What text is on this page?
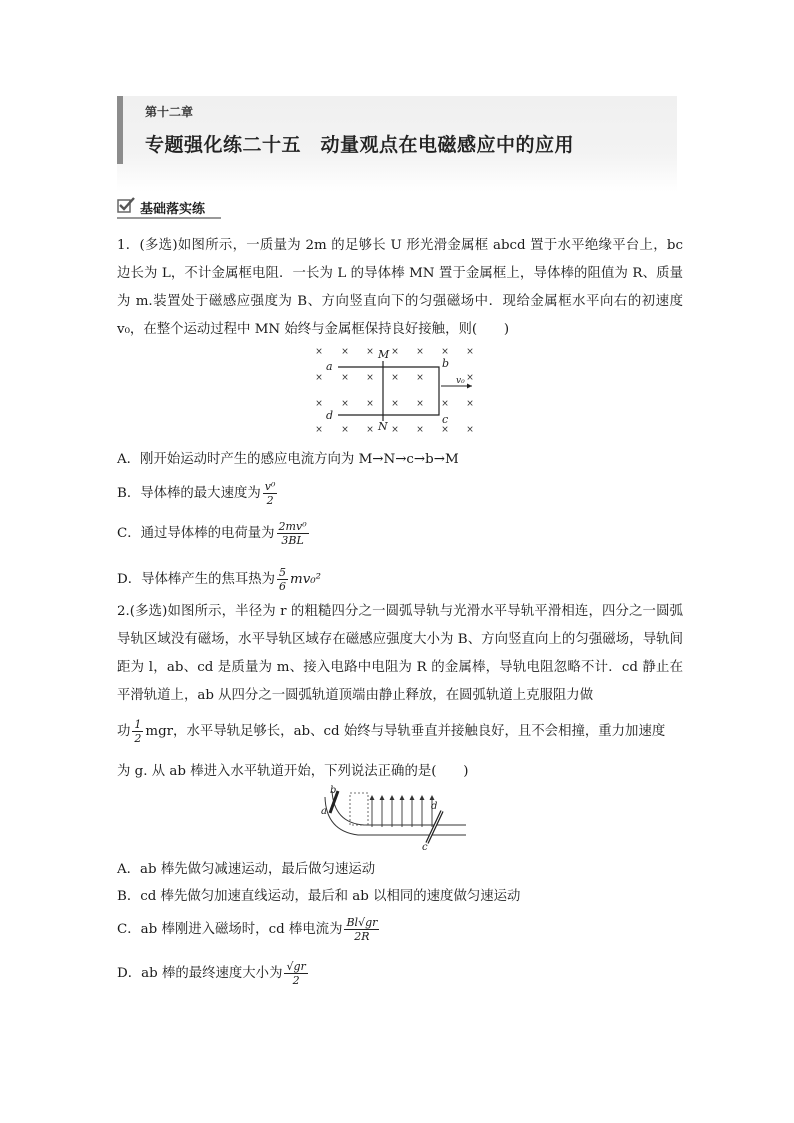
第十二章
专题强化练二十五　动量观点在电磁感应中的应用
基础落实练
1．(多选)如图所示，一质量为 2m 的足够长 U 形光滑金属框 abcd 置于水平绝缘平台上，bc 边长为 L，不计金属框电阻．一长为 L 的导体棒 MN 置于金属框上，导体棒的阻值为 R、质量为 m.装置处于磁感应强度为 B、方向竖直向下的匀强磁场中．现给金属框水平向右的初速度 v₀，在整个运动过程中 MN 始终与金属框保持良好接触，则(　　)
× × × × × × ×
× × × × ×	×
× × × × × × ×
× × × × × × ×
a
M
b
v₀
d	c
N
A．刚开始运动时产生的感应电流方向为 M→N→c→b→M
B．导体棒的最大速度为 $\frac{\text{v⁰}}{2}$
C．通过导体棒的电荷量为 $\frac{\text{2mv⁰}}{3BL}$
D．导体棒产生的焦耳热为 $\frac{5}{6} mv_0^2$
2.(多选)如图所示，半径为 r 的粗糙四分之一圆弧导轨与光滑水平导轨平滑相连，四分之一圆弧导轨区域没有磁场，水平导轨区域存在磁感应强度大小为 B、方向竖直向上的匀强磁场，导轨间距为 l，ab、cd 是质量为 m、接入电路中电阻为 R 的金属棒，导轨电阻忽略不计．cd 静止在平滑轨道上，ab 从四分之一圆弧轨道顶端由静止释放，在圆弧轨道上克服阻力做
功 $\frac{1}{2}$ mgr，水平导轨足够长，ab、cd 始终与导轨垂直并接触良好，且不会相撞，重力加速度
为 g. 从 ab 棒进入水平轨道开始，下列说法正确的是(　　)
b
a	d
c
A．ab 棒先做匀减速运动，最后做匀速运动
B．cd 棒先做匀加速直线运动，最后和 ab 以相同的速度做匀速运动
C．ab 棒刚进入磁场时，cd 棒电流为 $\frac{Bl√gr}{2R}$
D．ab 棒的最终速度大小为 $\frac{√gr}{2}$
